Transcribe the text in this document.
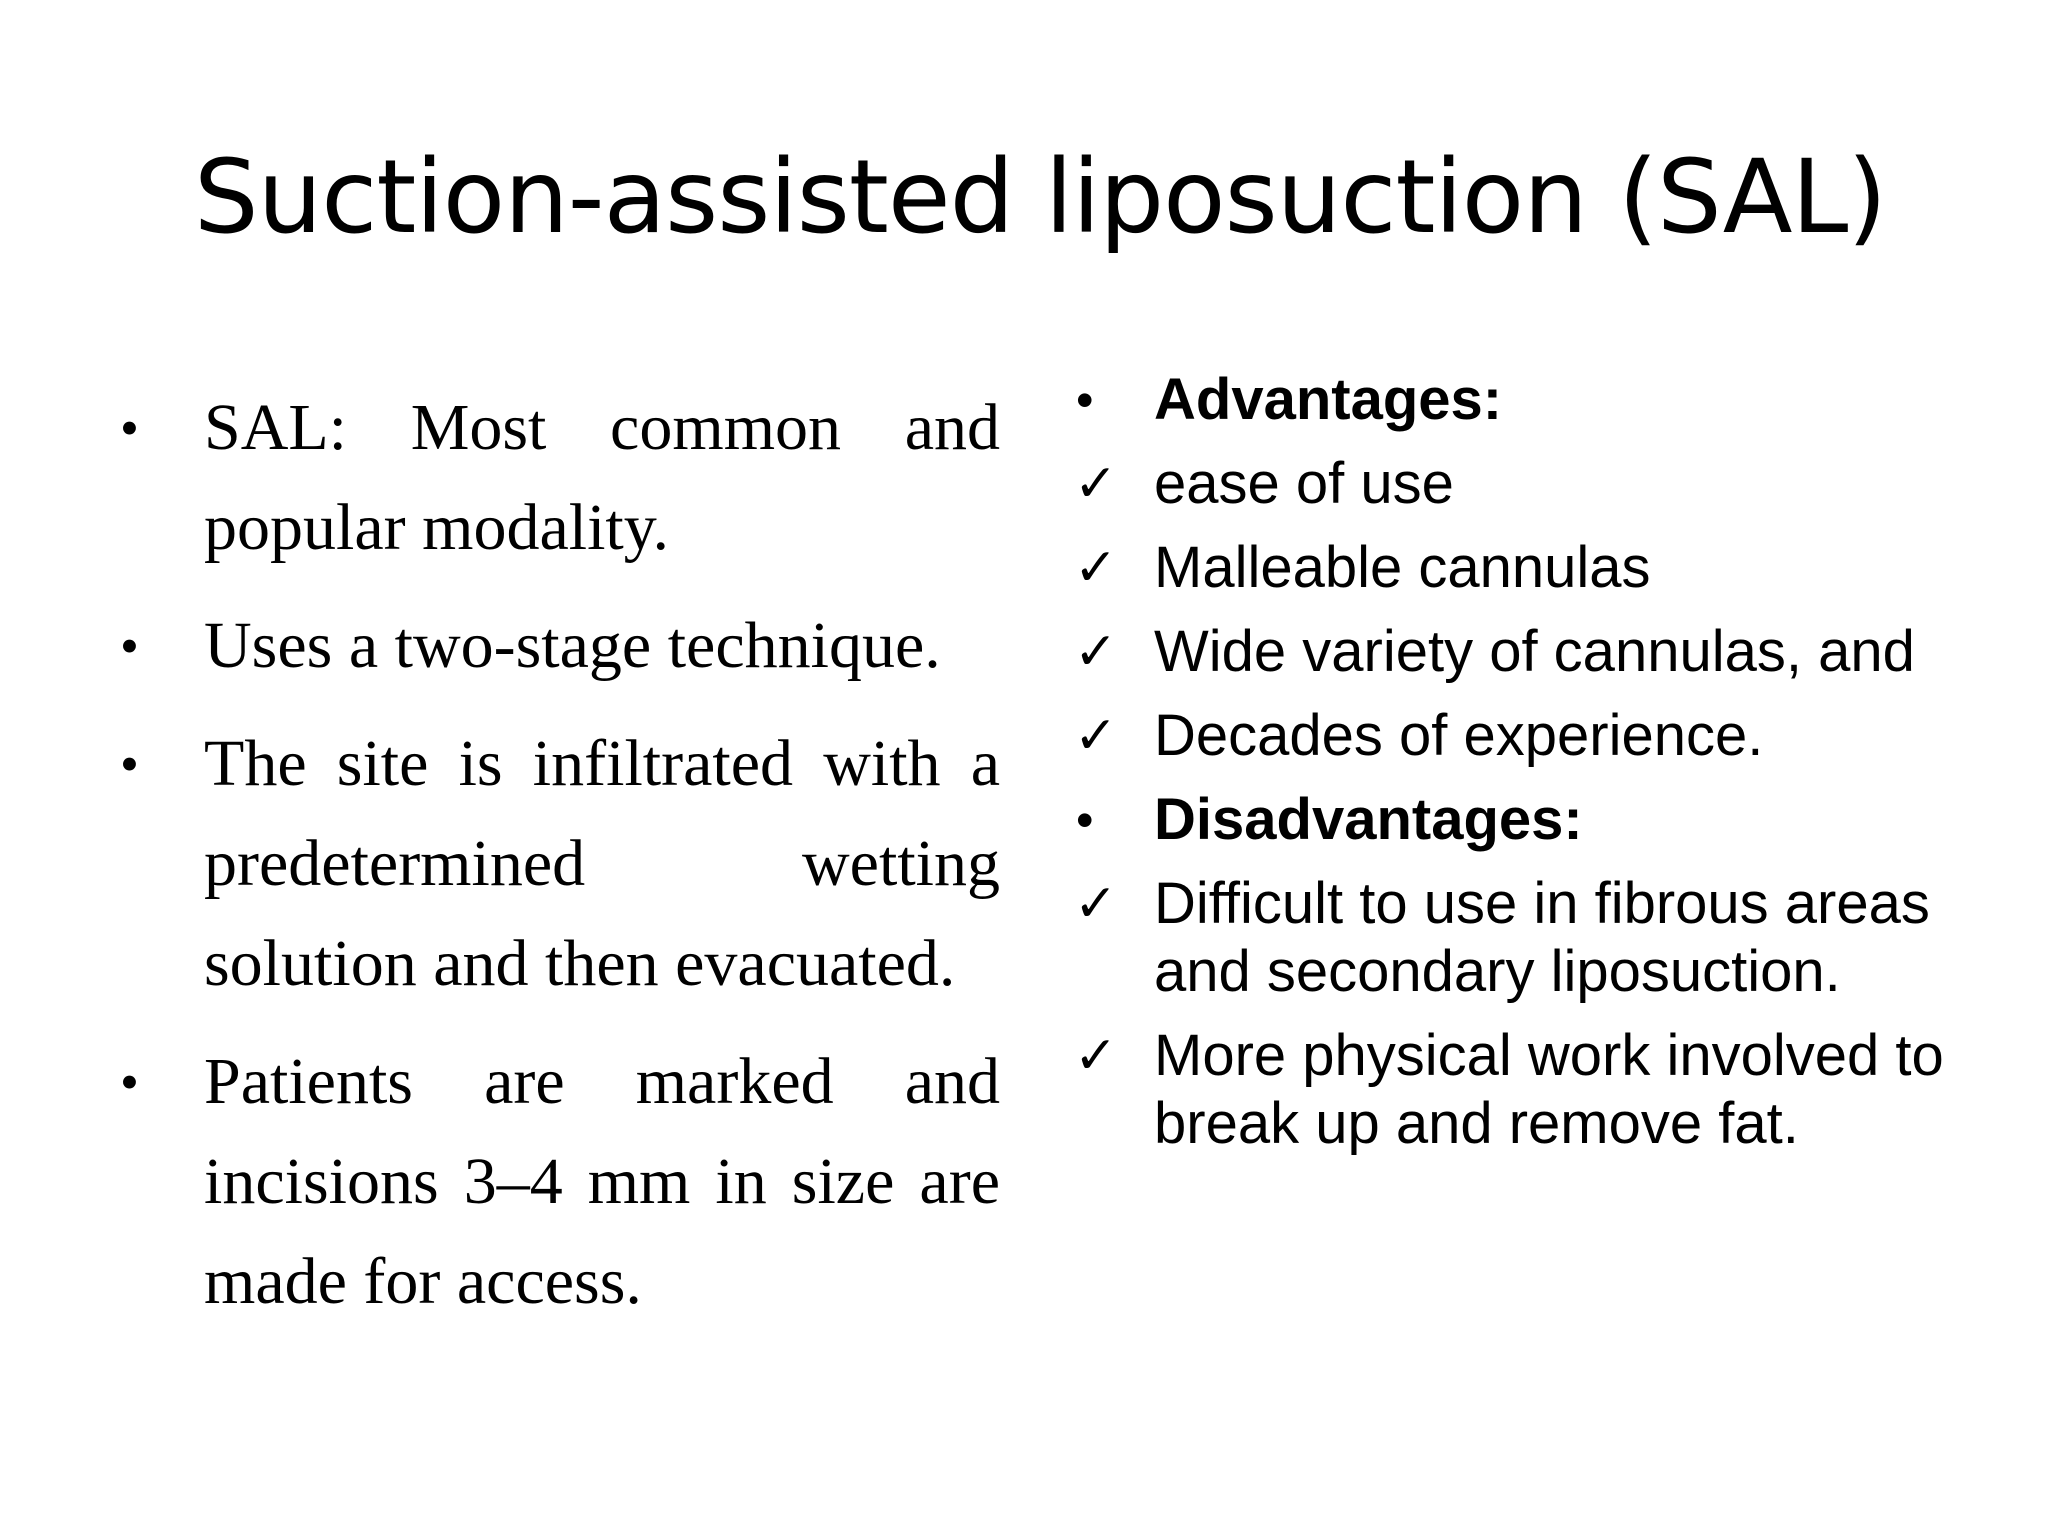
Suction-assisted liposuction (SAL)
• SAL: Most common and popular modality.
• Uses a two-stage technique.
• The site is infiltrated with a predetermined wetting solution and then evacuated.
• Patients are marked and incisions 3–4 mm in size are made for access.
• Advantages:
✓ ease of use
✓ Malleable cannulas
✓ Wide variety of cannulas, and
✓ Decades of experience.
• Disadvantages:
✓ Difficult to use in fibrous areas and secondary liposuction.
✓ More physical work involved to break up and remove fat.
